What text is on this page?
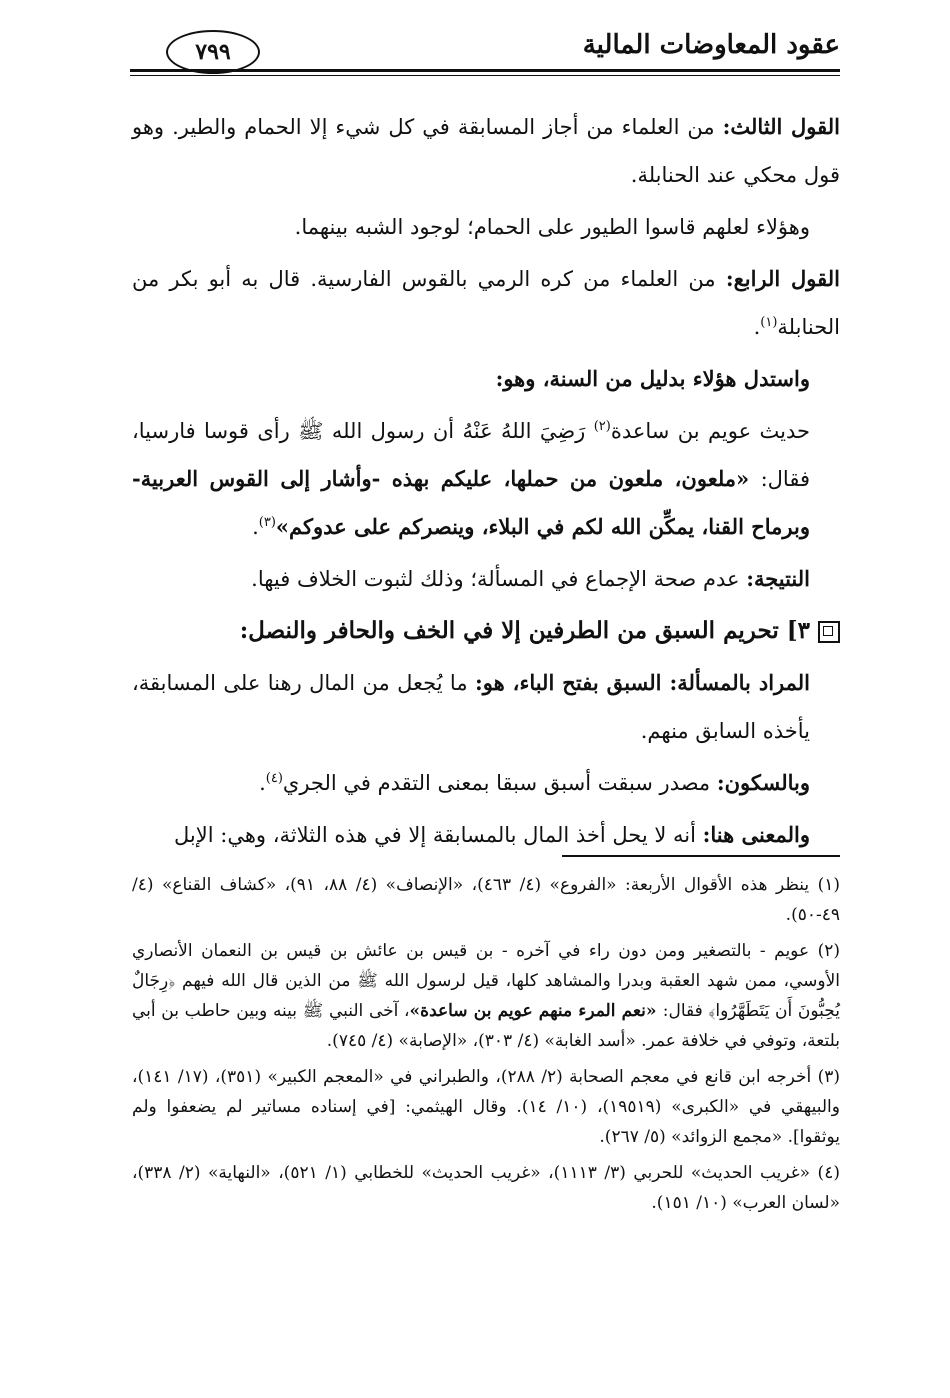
عقود المعاوضات المالية
٧٩٩

القول الثالث: من العلماء من أجاز المسابقة في كل شيء إلا الحمام والطير. وهو قول محكي عند الحنابلة.

وهؤلاء لعلهم قاسوا الطيور على الحمام؛ لوجود الشبه بينهما.

القول الرابع: من العلماء من كره الرمي بالقوس الفارسية. قال به أبو بكر من الحنابلة$^{(١)}$.

واستدل هؤلاء بدليل من السنة، وهو:

حديث عويم بن ساعدة$^{(٢)}$ رَضِيَ اللهُ عَنْهُ أن رسول الله ﷺ رأى قوسا فارسيا، فقال: «ملعون، ملعون من حملها، عليكم بهذه -وأشار إلى القوس العربية- وبرماح القنا، يمكِّن الله لكم في البلاء، وينصركم على عدوكم»$^{(٣)}$.

النتيجة: عدم صحة الإجماع في المسألة؛ وذلك لثبوت الخلاف فيها.

٣] تحريم السبق من الطرفين إلا في الخف والحافر والنصل:

المراد بالمسألة: السبق بفتح الباء، هو: ما يُجعل من المال رهنا على المسابقة، يأخذه السابق منهم.

وبالسكون: مصدر سبقت أسبق سبقا بمعنى التقدم في الجري$^{(٤)}$.

والمعنى هنا: أنه لا يحل أخذ المال بالمسابقة إلا في هذه الثلاثة، وهي: الإبل

(١) ينظر هذه الأقوال الأربعة: «الفروع» (٤/ ٤٦٣)، «الإنصاف» (٤/ ٨٨، ٩١)، «كشاف القناع» (٤/ ٤٩-٥٠).

(٢) عويم - بالتصغير ومن دون راء في آخره - بن قيس بن عائش بن قيس بن النعمان الأنصاري الأوسي، ممن شهد العقبة وبدرا والمشاهد كلها، قيل لرسول الله ﷺ من الذين قال الله فيهم ﴿رِجَالٌ يُحِبُّونَ أَن يَتَطَهَّرُوا﴾ فقال: «نعم المرء منهم عويم بن ساعدة»، آخى النبي ﷺ بينه وبين حاطب بن أبي بلتعة، وتوفي في خلافة عمر. «أسد الغابة» (٤/ ٣٠٣)، «الإصابة» (٤/ ٧٤٥).

(٣) أخرجه ابن قانع في معجم الصحابة (٢/ ٢٨٨)، والطبراني في «المعجم الكبير» (٣٥١)، (١٧/ ١٤١)، والبيهقي في «الكبرى» (١٩٥١٩)، (١٠/ ١٤). وقال الهيثمي: [في إسناده مساتير لم يضعفوا ولم يوثقوا]. «مجمع الزوائد» (٥/ ٢٦٧).

(٤) «غريب الحديث» للحربي (٣/ ١١١٣)، «غريب الحديث» للخطابي (١/ ٥٢١)، «النهاية» (٢/ ٣٣٨)، «لسان العرب» (١٠/ ١٥١).
